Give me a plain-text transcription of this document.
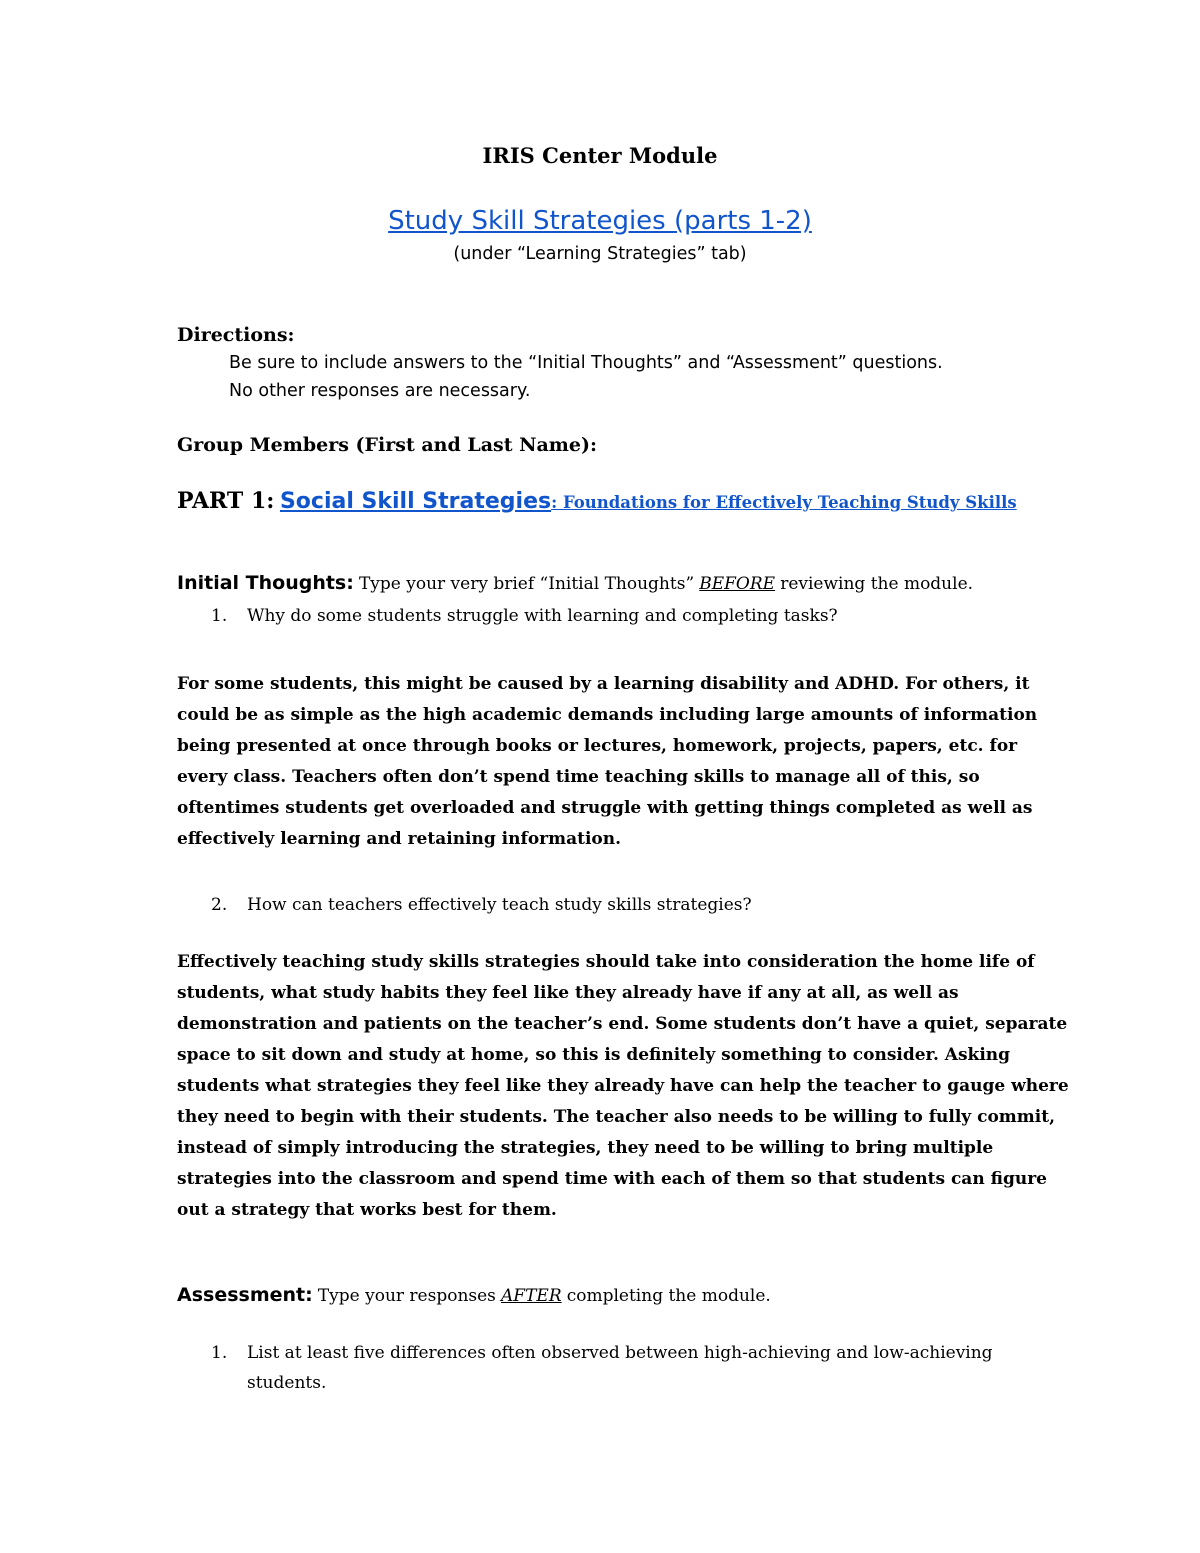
IRIS Center Module
Study Skill Strategies (parts 1-2)
(under “Learning Strategies” tab)
Directions:
Be sure to include answers to the “Initial Thoughts” and “Assessment” questions.
No other responses are necessary.
Group Members (First and Last Name):
PART 1: Social Skill Strategies: Foundations for Effectively Teaching Study Skills
Initial Thoughts: Type your very brief “Initial Thoughts” BEFORE reviewing the module.
1. Why do some students struggle with learning and completing tasks?
For some students, this might be caused by a learning disability and ADHD. For others, it
could be as simple as the high academic demands including large amounts of information
being presented at once through books or lectures, homework, projects, papers, etc. for
every class. Teachers often don’t spend time teaching skills to manage all of this, so
oftentimes students get overloaded and struggle with getting things completed as well as
effectively learning and retaining information.
2. How can teachers effectively teach study skills strategies?
Effectively teaching study skills strategies should take into consideration the home life of
students, what study habits they feel like they already have if any at all, as well as
demonstration and patients on the teacher’s end. Some students don’t have a quiet, separate
space to sit down and study at home, so this is definitely something to consider. Asking
students what strategies they feel like they already have can help the teacher to gauge where
they need to begin with their students. The teacher also needs to be willing to fully commit,
instead of simply introducing the strategies, they need to be willing to bring multiple
strategies into the classroom and spend time with each of them so that students can figure
out a strategy that works best for them.
Assessment: Type your responses AFTER completing the module.
1. List at least five differences often observed between high-achieving and low-achieving
students.
